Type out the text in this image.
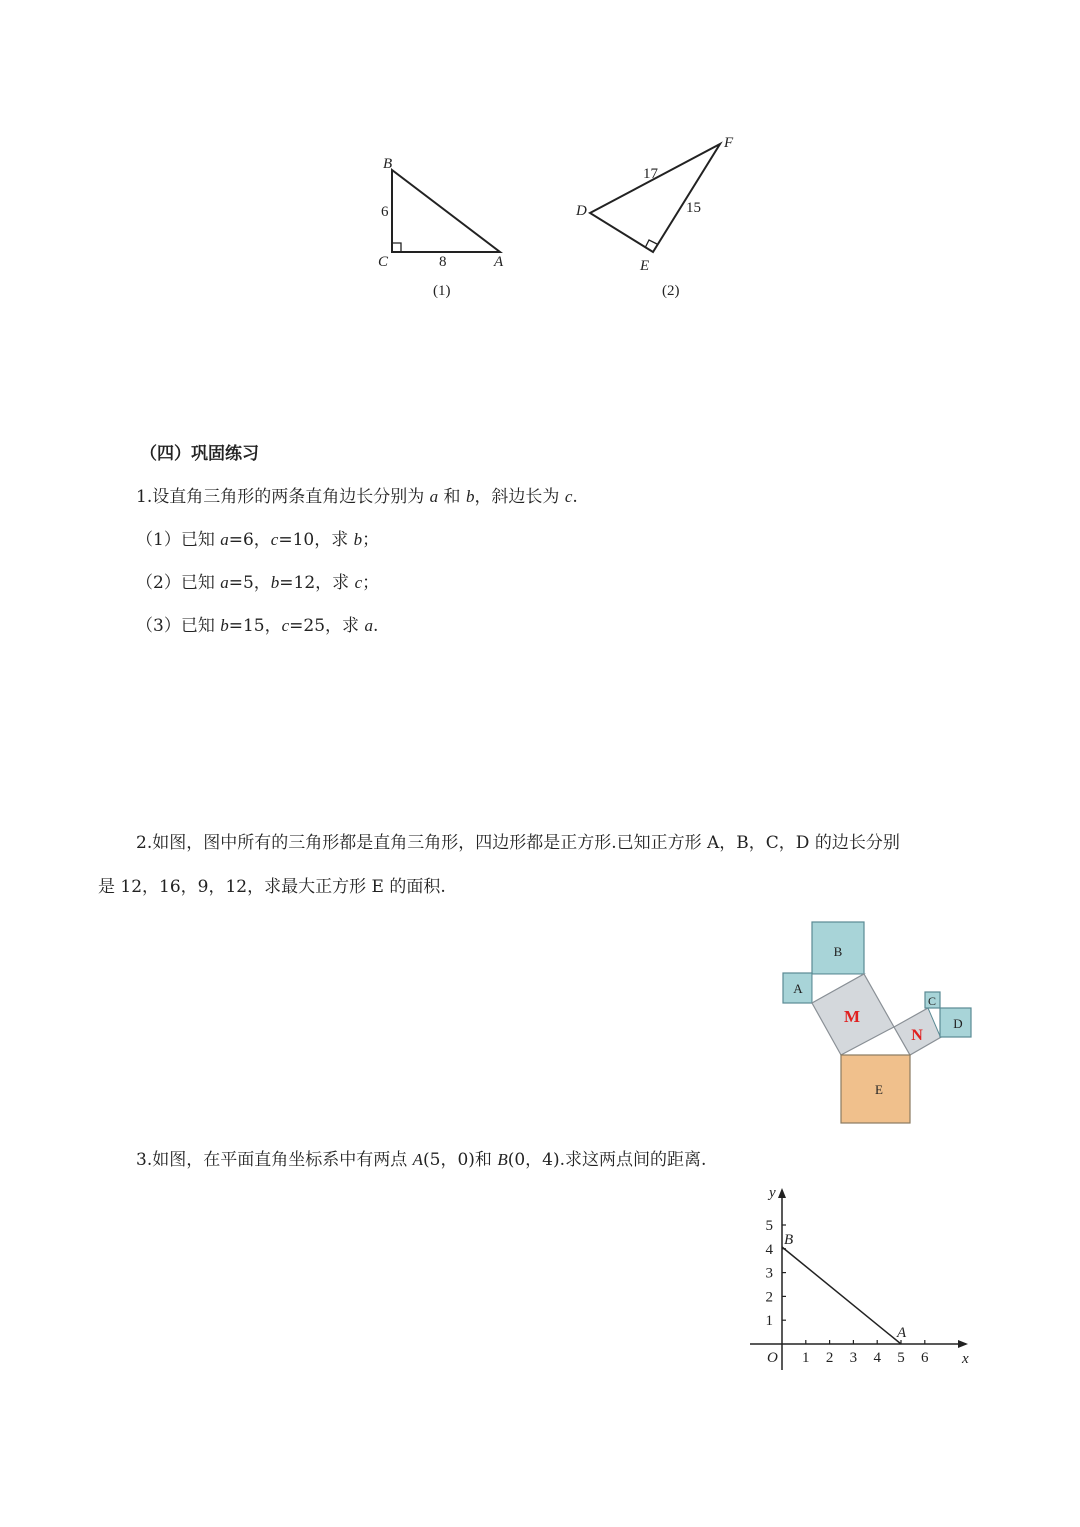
B
C	A
6
8
(1)
D
E
F
17
15
(2)
（四）巩固练习
1.设直角三角形的两条直角边长分别为 a 和 b，斜边长为 c.
（1）已知 a=6，c=10，求 b；
（2）已知 a=5，b=12，求 c；
（3）已知 b=15，c=25，求 a.
2.如图，图中所有的三角形都是直角三角形，四边形都是正方形.已知正方形 A，B，C，D 的边长分别
是 12，16，9，12，求最大正方形 E 的面积.
B
A
M
N
C
D
E
3.如图，在平面直角坐标系中有两点 A(5，0)和 B(0，4).求这两点间的距离.
x
y
O 1 2 3 4 5 6
1
2
3
4
5
B
A
